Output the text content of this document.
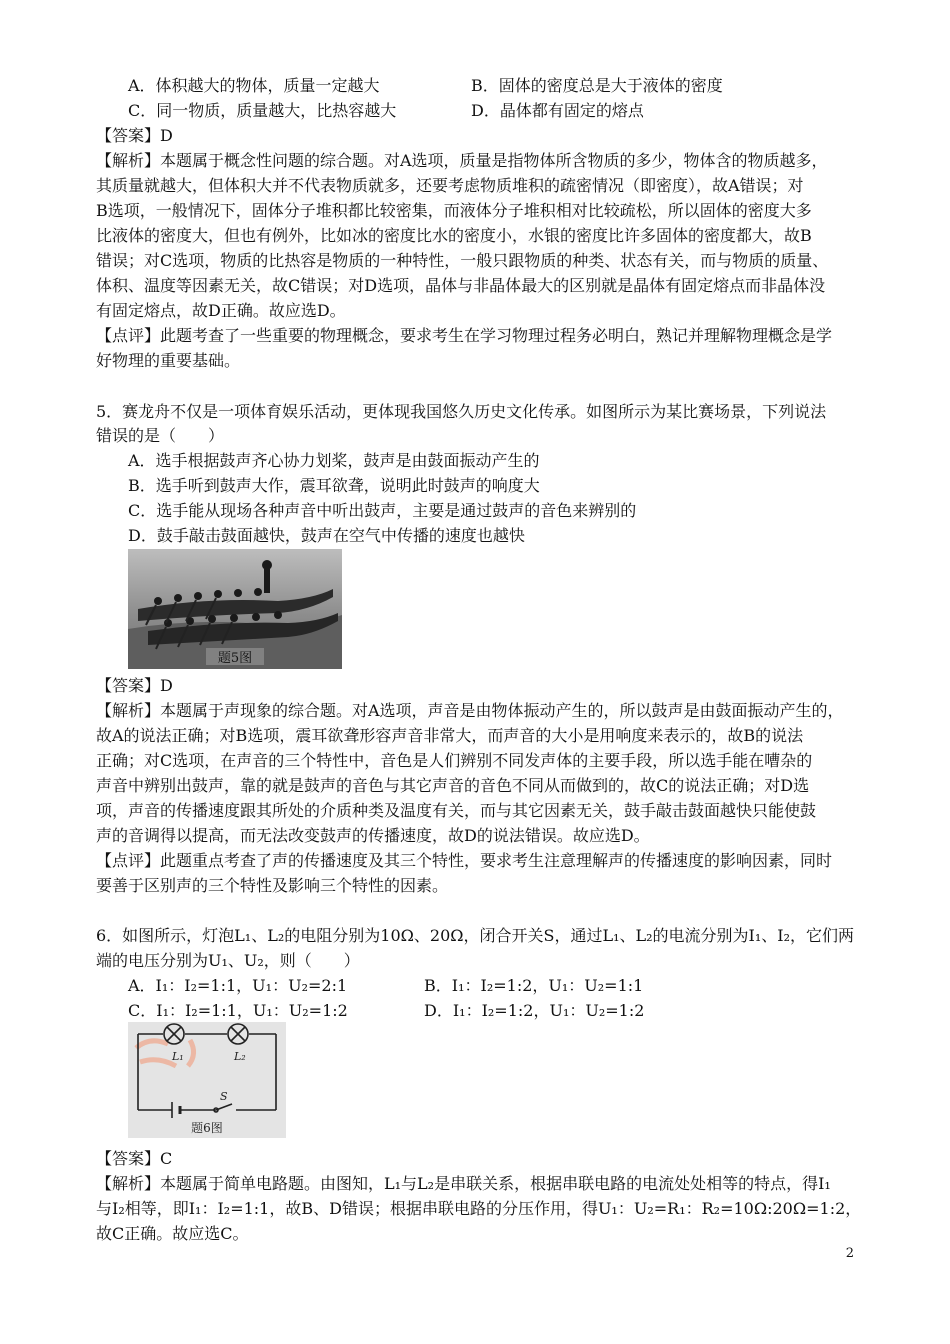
A．体积越大的物体，质量一定越大	B．固体的密度总是大于液体的密度
C．同一物质，质量越大，比热容越大	D．晶体都有固定的熔点
【答案】D
【解析】本题属于概念性问题的综合题。对A选项，质量是指物体所含物质的多少，物体含的物质越多，
其质量就越大，但体积大并不代表物质就多，还要考虑物质堆积的疏密情况（即密度），故A错误；对
B选项，一般情况下，固体分子堆积都比较密集，而液体分子堆积相对比较疏松，所以固体的密度大多
比液体的密度大，但也有例外，比如冰的密度比水的密度小，水银的密度比许多固体的密度都大，故B
错误；对C选项，物质的比热容是物质的一种特性，一般只跟物质的种类、状态有关，而与物质的质量、
体积、温度等因素无关，故C错误；对D选项，晶体与非晶体最大的区别就是晶体有固定熔点而非晶体没
有固定熔点，故D正确。故应选D。
【点评】此题考查了一些重要的物理概念，要求考生在学习物理过程务必明白，熟记并理解物理概念是学
好物理的重要基础。
5．赛龙舟不仅是一项体育娱乐活动，更体现我国悠久历史文化传承。如图所示为某比赛场景，下列说法
错误的是（　　）
A．选手根据鼓声齐心协力划桨，鼓声是由鼓面振动产生的
B．选手听到鼓声大作，震耳欲聋，说明此时鼓声的响度大
C．选手能从现场各种声音中听出鼓声，主要是通过鼓声的音色来辨别的
D．鼓手敲击鼓面越快，鼓声在空气中传播的速度也越快
题5图
【答案】D
【解析】本题属于声现象的综合题。对A选项，声音是由物体振动产生的，所以鼓声是由鼓面振动产生的，
故A的说法正确；对B选项，震耳欲聋形容声音非常大，而声音的大小是用响度来表示的，故B的说法
正确；对C选项，在声音的三个特性中，音色是人们辨别不同发声体的主要手段，所以选手能在嘈杂的
声音中辨别出鼓声，靠的就是鼓声的音色与其它声音的音色不同从而做到的，故C的说法正确；对D选
项，声音的传播速度跟其所处的介质种类及温度有关，而与其它因素无关，鼓手敲击鼓面越快只能使鼓
声的音调得以提高，而无法改变鼓声的传播速度，故D的说法错误。故应选D。
【点评】此题重点考查了声的传播速度及其三个特性，要求考生注意理解声的传播速度的影响因素，同时
要善于区别声的三个特性及影响三个特性的因素。
6．如图所示，灯泡L₁、L₂的电阻分别为10Ω、20Ω，闭合开关S，通过L₁、L₂的电流分别为I₁、I₂，它们两
端的电压分别为U₁、U₂，则（　　）
A．I₁：I₂=1:1，U₁：U₂=2:1	B．I₁：I₂=1:2，U₁：U₂=1:1
C．I₁：I₂=1:1，U₁：U₂=1:2	D．I₁：I₂=1:2，U₁：U₂=1:2
L₁	L₂
S
题6图
【答案】C
【解析】本题属于简单电路题。由图知，L₁与L₂是串联关系，根据串联电路的电流处处相等的特点，得I₁
与I₂相等，即I₁：I₂=1:1，故B、D错误；根据串联电路的分压作用，得U₁：U₂=R₁：R₂=10Ω:20Ω=1:2，
故C正确。故应选C。
2
